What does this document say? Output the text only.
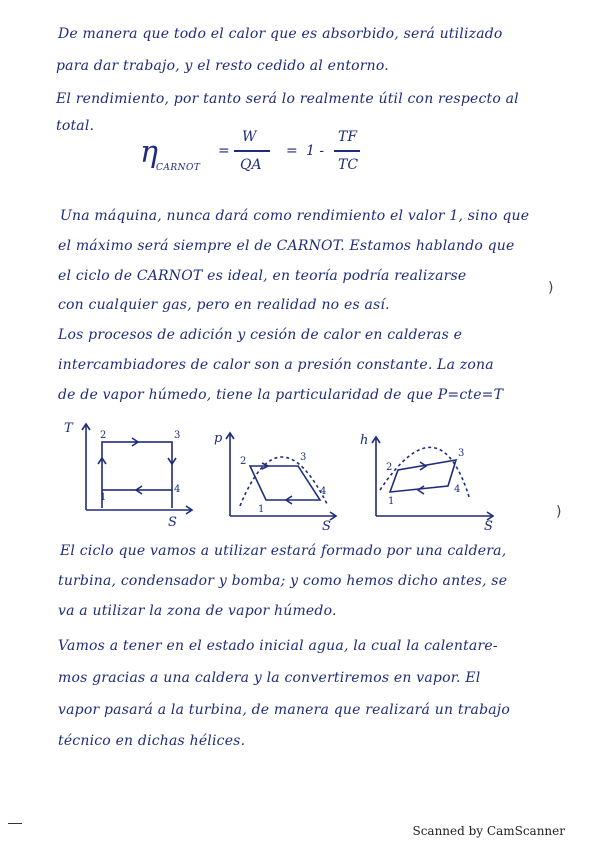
De manera que todo el calor que es absorbido, será utilizado
para dar trabajo, y el resto cedido al entorno.
El rendimiento, por tanto será lo realmente útil con respecto al
total.
η
CARNOT
=
W
QA
= 1 -
TF
TC
Una máquina, nunca dará como rendimiento el valor 1, sino que
el máximo será siempre el de CARNOT. Estamos hablando que
el ciclo de CARNOT es ideal, en teoría podría realizarse
con cualquier gas, pero en realidad no es así.
Los procesos de adición y cesión de calor en calderas e
intercambiadores de calor son a presión constante. La zona
de de vapor húmedo, tiene la particularidad de que P=cte=T
)
T
S
1
2	3
4
p
S
1
2	3
4
h
S
1
2
3
4
)
El ciclo que vamos a utilizar estará formado por una caldera,
turbina, condensador y bomba; y como hemos dicho antes, se
va a utilizar la zona de vapor húmedo.
Vamos a tener en el estado inicial agua, la cual la calentare-
mos gracias a una caldera y la convertiremos en vapor. El
vapor pasará a la turbina, de manera que realizará un trabajo
técnico en dichas hélices.
Scanned by CamScanner
